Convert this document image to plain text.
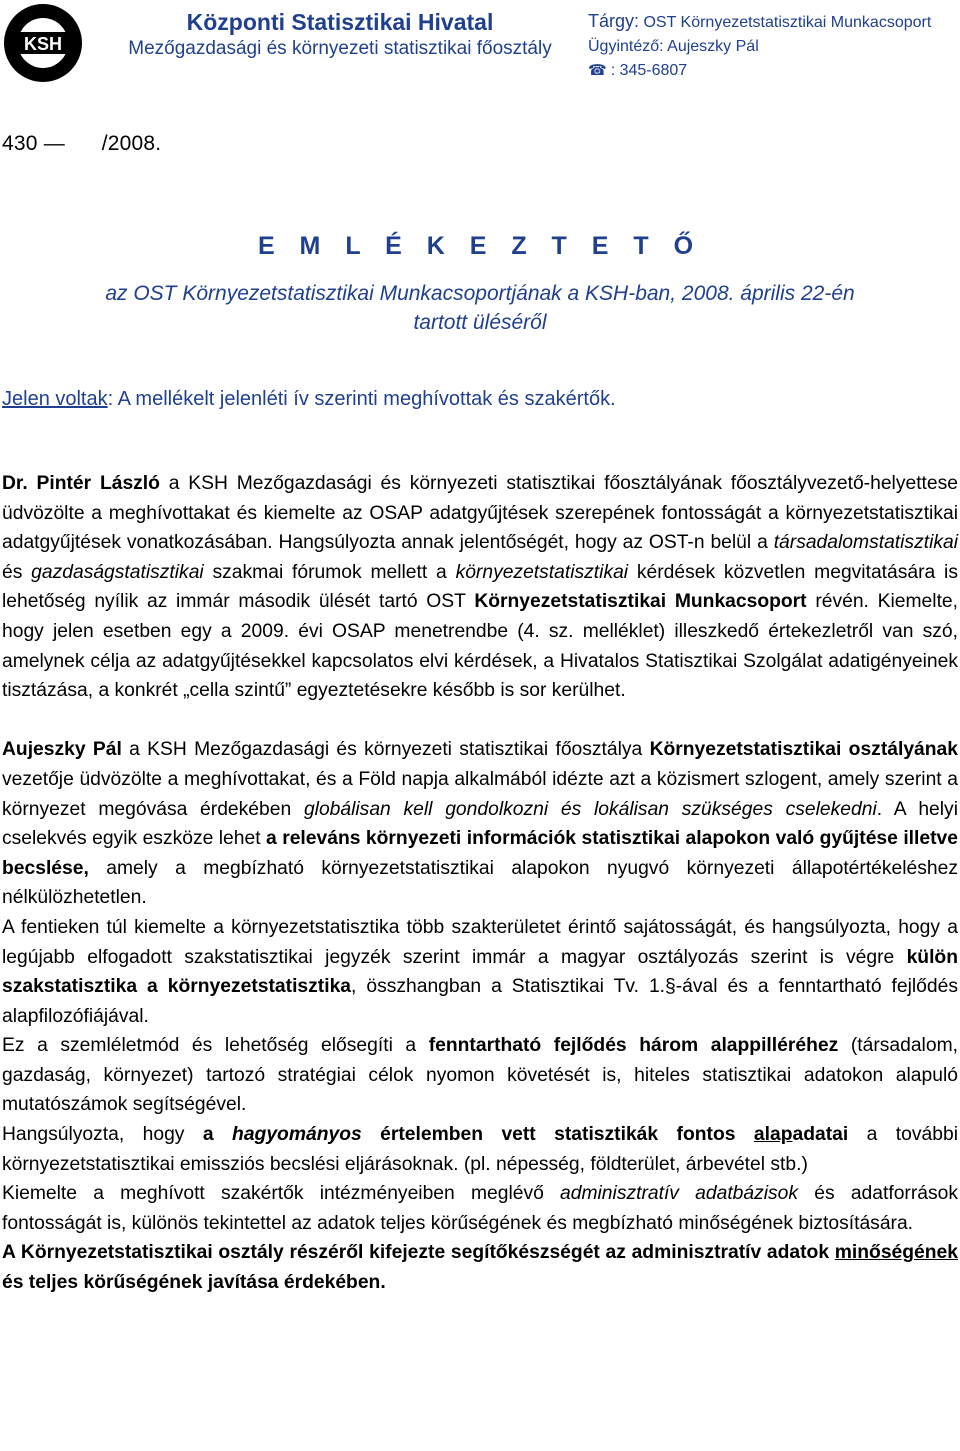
KSH
Központi Statisztikai Hivatal
Mezőgazdasági és környezeti statisztikai főosztály
Tárgy: OST Környezetstatisztikai Munkacsoport
Ügyintéző: Aujeszky Pál
☎ : 345-6807
430 — /2008.
E M L É K E Z T E T Ő
az OST Környezetstatisztikai Munkacsoportjának a KSH-ban, 2008. április 22-én tartott üléséről
Jelen voltak: A mellékelt jelenléti ív szerinti meghívottak és szakértők.

Dr. Pintér László a KSH Mezőgazdasági és környezeti statisztikai főosztályának főosztályvezető-helyettese üdvözölte a meghívottakat és kiemelte az OSAP adatgyűjtések szerepének fontosságát a környezetstatisztikai adatgyűjtések vonatkozásában. Hangsúlyozta annak jelentőségét, hogy az OST-n belül a társadalomstatisztikai és gazdaságstatisztikai szakmai fórumok mellett a környezetstatisztikai kérdések közvetlen megvitatására is lehetőség nyílik az immár második ülését tartó OST Környezetstatisztikai Munkacsoport révén. Kiemelte, hogy jelen esetben egy a 2009. évi OSAP menetrendbe (4. sz. melléklet) illeszkedő értekezletről van szó, amelynek célja az adatgyűjtésekkel kapcsolatos elvi kérdések, a Hivatalos Statisztikai Szolgálat adatigényeinek tisztázása, a konkrét „cella szintű” egyeztetésekre később is sor kerülhet.

Aujeszky Pál a KSH Mezőgazdasági és környezeti statisztikai főosztálya Környezetstatisztikai osztályának vezetője üdvözölte a meghívottakat, és a Föld napja alkalmából idézte azt a közismert szlogent, amely szerint a környezet megóvása érdekében globálisan kell gondolkozni és lokálisan szükséges cselekedni. A helyi cselekvés egyik eszköze lehet a releváns környezeti információk statisztikai alapokon való gyűjtése illetve becslése, amely a megbízható környezetstatisztikai alapokon nyugvó környezeti állapotértékeléshez nélkülözhetetlen.

A fentieken túl kiemelte a környezetstatisztika több szakterületet érintő sajátosságát, és hangsúlyozta, hogy a legújabb elfogadott szakstatisztikai jegyzék szerint immár a magyar osztályozás szerint is végre külön szakstatisztika a környezetstatisztika, összhangban a Statisztikai Tv. 1.§-ával és a fenntartható fejlődés alapfilozófiájával.

Ez a szemléletmód és lehetőség elősegíti a fenntartható fejlődés három alappilléréhez (társadalom, gazdaság, környezet) tartozó stratégiai célok nyomon követését is, hiteles statisztikai adatokon alapuló mutatószámok segítségével.

Hangsúlyozta, hogy a hagyományos értelemben vett statisztikák fontos alapadatai a további környezetstatisztikai emissziós becslési eljárásoknak. (pl. népesség, földterület, árbevétel stb.)

Kiemelte a meghívott szakértők intézményeiben meglévő adminisztratív adatbázisok és adatforrások fontosságát is, különös tekintettel az adatok teljes körűségének és megbízható minőségének biztosítására.

A Környezetstatisztikai osztály részéről kifejezte segítőkészségét az adminisztratív adatok minőségének és teljes körűségének javítása érdekében.
